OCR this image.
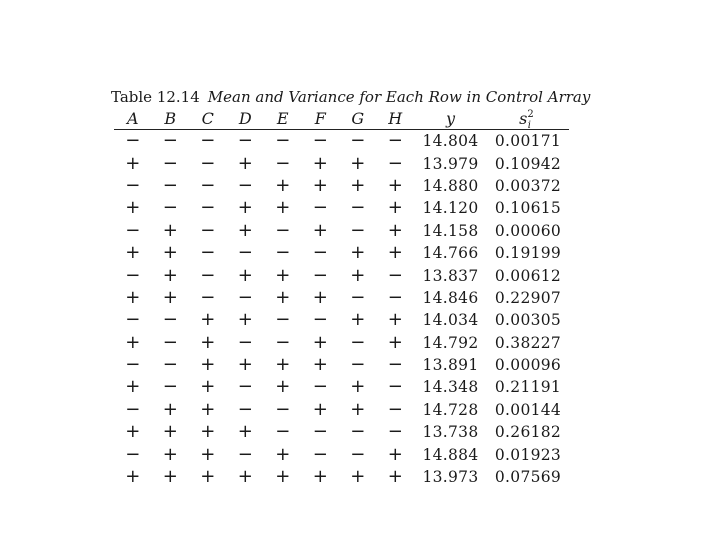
Table 12.14 Mean and Variance for Each Row in Control Array
A	B	C	D	E	F	G	H	y	$s^2_i$
−	−	−	−	−	−	−	−	14.804	0.00171
+	−	−	+	−	+	+	−	13.979	0.10942
−	−	−	−	+	+	+	+	14.880	0.00372
+	−	−	+	+	−	−	+	14.120	0.10615
−	+	−	+	−	+	−	+	14.158	0.00060
+	+	−	−	−	−	+	+	14.766	0.19199
−	+	−	+	+	−	+	−	13.837	0.00612
+	+	−	−	+	+	−	−	14.846	0.22907
−	−	+	+	−	−	+	+	14.034	0.00305
+	−	+	−	−	+	−	+	14.792	0.38227
−	−	+	+	+	+	−	−	13.891	0.00096
+	−	+	−	+	−	+	−	14.348	0.21191
−	+	+	−	−	+	+	−	14.728	0.00144
+	+	+	+	−	−	−	−	13.738	0.26182
−	+	+	−	+	−	−	+	14.884	0.01923
+	+	+	+	+	+	+	+	13.973	0.07569
